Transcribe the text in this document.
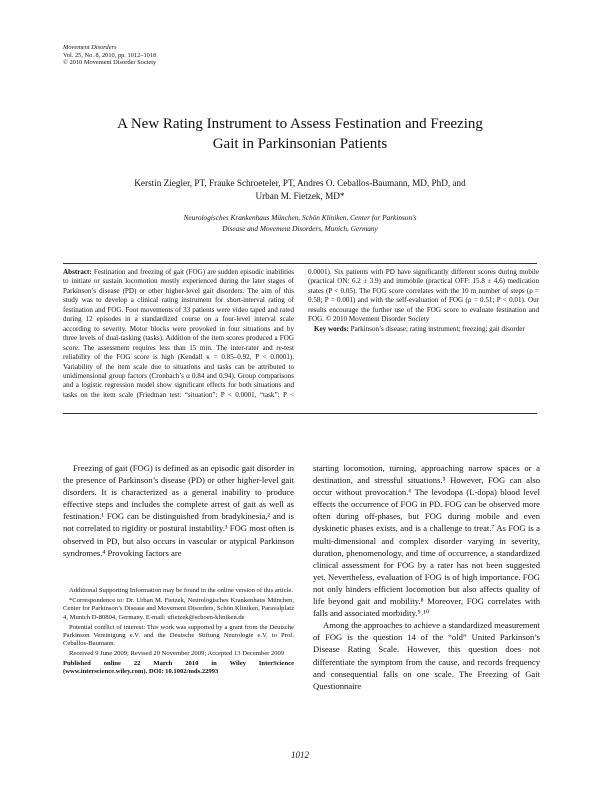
Movement Disorders
Vol. 25, No. 8, 2010, pp. 1012–1018
© 2010 Movement Disorder Society
A New Rating Instrument to Assess Festination and Freezing
Gait in Parkinsonian Patients
Kerstin Ziegler, PT, Frauke Schroeteler, PT, Andres O. Ceballos-Baumann, MD, PhD, and
Urban M. Fietzek, MD*
Neurologisches Krankenhaus München, Schön Kliniken, Center for Parkinson’s
Disease and Movement Disorders, Munich, Germany

Abstract: Festination and freezing of gait (FOG) are sudden episodic inabilities to initiate or sustain locomotion mostly experienced during the later stages of Parkinson’s disease (PD) or other higher-level gait disorders. The aim of this study was to develop a clinical rating instrument for short-interval rating of festination and FOG. Foot movements of 33 patients were video taped and rated during 12 episodes in a standardized course on a four-level interval scale according to severity. Motor blocks were provoked in four situations and by three levels of dual-tasking (tasks). Addition of the item scores produced a FOG score. The assessment requires less than 15 min. The inter-rater and re-test reliability of the FOG score is high (Kendall κ = 0.85–0.92, P < 0.0001). Variability of the item scale due to situations and tasks can be attributed to unidimensional group factors (Cronbach’s α 0.84 and 0.94). Group comparisons and a logistic regression model show significant effects for both situations and tasks on the item scale (Friedman test: “situation”: P < 0.0001, “task”: P < 0.0001). Six patients with PD have significantly different scores during mobile (practical ON: 6.2 ± 3.9) and immobile (practical OFF: 15.8 ± 4.6) medication states (P < 0.05). The FOG score correlates with the 10 m number of steps (ρ = 0.58; P = 0.001) and with the self-evaluation of FOG (ρ = 0.51; P < 0.01). Our results encourage the further use of the FOG score to evaluate festination and FOG. © 2010 Movement Disorder Society

Key words: Parkinson’s disease; rating instrument; freezing; gait disorder

Freezing of gait (FOG) is defined as an episodic gait disorder in the presence of Parkinson’s disease (PD) or other higher-level gait disorders. It is characterized as a general inability to produce effective steps and includes the complete arrest of gait as well as festination.¹ FOG can be distinguished from bradykinesia,² and is not correlated to rigidity or postural instability.³ FOG most often is observed in PD, but also occurs in vascular or atypical Parkinson syndromes.⁴ Provoking factors are

starting locomotion, turning, approaching narrow spaces or a destination, and stressful situations.⁵ However, FOG can also occur without provocation.⁶ The levodopa (L-dopa) blood level effects the occurrence of FOG in PD. FOG can be observed more often during off-phases, but FOG during mobile and even dyskinetic phases exists, and is a challenge to treat.⁷ As FOG is a multi-dimensional and complex disorder varying in severity, duration, phenomenology, and time of occurrence, a standardized clinical assessment for FOG by a rater has not been suggested yet. Nevertheless, evaluation of FOG is of high importance. FOG not only hinders efficient locomotion but also affects quality of life beyond gait and mobility.⁸ Moreover, FOG correlates with falls and associated morbidity.⁹˒¹⁰

Among the approaches to achieve a standardized measurement of FOG is the question 14 of the “old” United Parkinson’s Disease Rating Scale. However, this question does not differentiate the symptom from the cause, and records frequency and consequential falls on one scale. The Freezing of Gait Questionnaire

Additional Supporting Information may be found in the online version of this article.

*Correspondence to: Dr. Urban M. Fietzek, Neurologisches Krankenhaus München, Center for Parkinson’s Disease and Movement Disorders, Schön Kliniken, Paravalplatz 4, Munich D-80804, Germany. E-mail: ufietzek@schoen-kliniken.de

Potential conflict of interest: This work was supported by a grant from the Deutsche Parkinson Vereinigung e.V. and the Deutsche Stiftung Neurologie e.V. to Prof. Ceballos-Baumann.

Received 9 June 2009; Revised 20 November 2009; Accepted 13 December 2009

Published online 22 March 2010 in Wiley InterScience (www.interscience.wiley.com). DOI: 10.1002/mds.22993

1012
